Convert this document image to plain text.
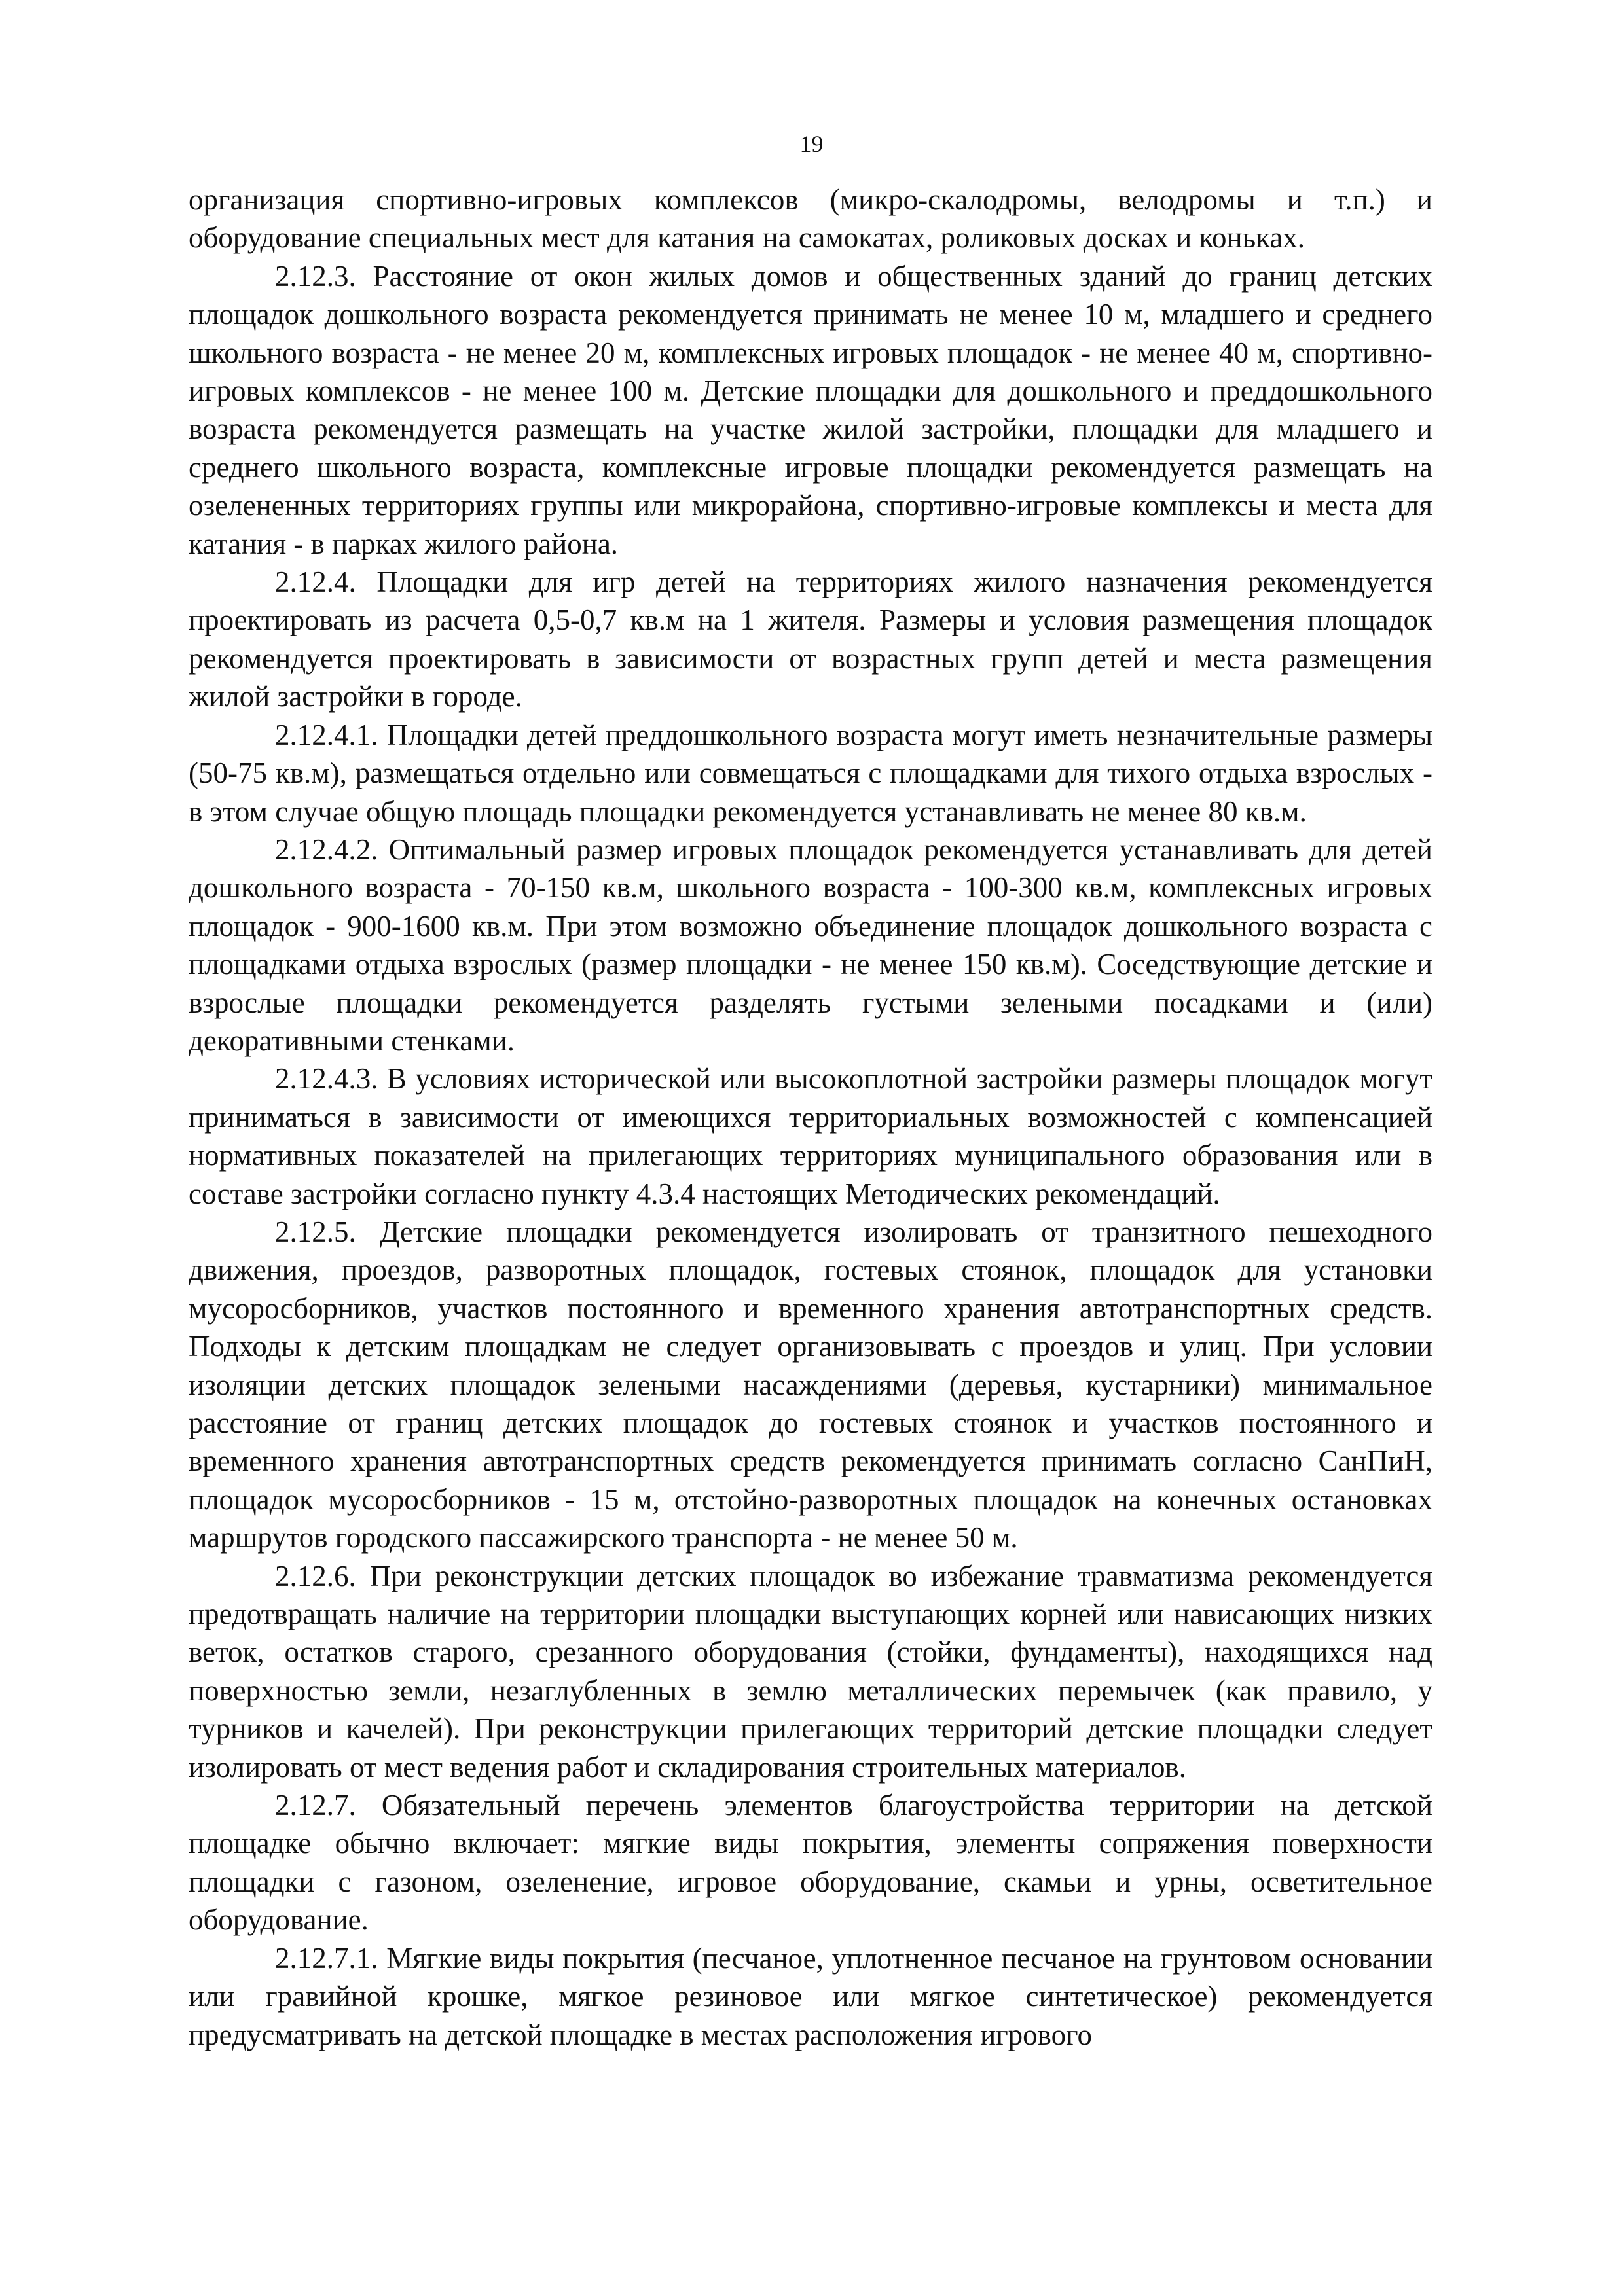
19

организация спортивно-игровых комплексов (микро-скалодромы, велодромы и т.п.) и оборудование специальных мест для катания на самокатах, роликовых досках и коньках.

2.12.3. Расстояние от окон жилых домов и общественных зданий до границ детских площадок дошкольного возраста рекомендуется принимать не менее 10 м, младшего и среднего школьного возраста - не менее 20 м, комплексных игровых площадок - не менее 40 м, спортивно-игровых комплексов - не менее 100 м. Детские площадки для дошкольного и преддошкольного возраста рекомендуется размещать на участке жилой застройки, площадки для младшего и среднего школьного возраста, комплексные игровые площадки рекомендуется размещать на озелененных территориях группы или микрорайона, спортивно-игровые комплексы и места для катания - в парках жилого района.

2.12.4. Площадки для игр детей на территориях жилого назначения рекомендуется проектировать из расчета 0,5-0,7 кв.м на 1 жителя. Размеры и условия размещения площадок рекомендуется проектировать в зависимости от возрастных групп детей и места размещения жилой застройки в городе.

2.12.4.1. Площадки детей преддошкольного возраста могут иметь незначительные размеры (50-75 кв.м), размещаться отдельно или совмещаться с площадками для тихого отдыха взрослых - в этом случае общую площадь площадки рекомендуется устанавливать не менее 80 кв.м.

2.12.4.2. Оптимальный размер игровых площадок рекомендуется устанавливать для детей дошкольного возраста - 70-150 кв.м, школьного возраста - 100-300 кв.м, комплексных игровых площадок - 900-1600 кв.м. При этом возможно объединение площадок дошкольного возраста с площадками отдыха взрослых (размер площадки - не менее 150 кв.м). Соседствующие детские и взрослые площадки рекомендуется разделять густыми зелеными посадками и (или) декоративными стенками.

2.12.4.3. В условиях исторической или высокоплотной застройки размеры площадок могут приниматься в зависимости от имеющихся территориальных возможностей с компенсацией нормативных показателей на прилегающих территориях муниципального образования или в составе застройки согласно пункту 4.3.4 настоящих Методических рекомендаций.

2.12.5. Детские площадки рекомендуется изолировать от транзитного пешеходного движения, проездов, разворотных площадок, гостевых стоянок, площадок для установки мусоросборников, участков постоянного и временного хранения автотранспортных средств. Подходы к детским площадкам не следует организовывать с проездов и улиц. При условии изоляции детских площадок зелеными насаждениями (деревья, кустарники) минимальное расстояние от границ детских площадок до гостевых стоянок и участков постоянного и временного хранения автотранспортных средств рекомендуется принимать согласно СанПиН, площадок мусоросборников - 15 м, отстойно-разворотных площадок на конечных остановках маршрутов городского пассажирского транспорта - не менее 50 м.

2.12.6. При реконструкции детских площадок во избежание травматизма рекомендуется предотвращать наличие на территории площадки выступающих корней или нависающих низких веток, остатков старого, срезанного оборудования (стойки, фундаменты), находящихся над поверхностью земли, незаглубленных в землю металлических перемычек (как правило, у турников и качелей). При реконструкции прилегающих территорий детские площадки следует изолировать от мест ведения работ и складирования строительных материалов.

2.12.7. Обязательный перечень элементов благоустройства территории на детской площадке обычно включает: мягкие виды покрытия, элементы сопряжения поверхности площадки с газоном, озеленение, игровое оборудование, скамьи и урны, осветительное оборудование.

2.12.7.1. Мягкие виды покрытия (песчаное, уплотненное песчаное на грунтовом основании или гравийной крошке, мягкое резиновое или мягкое синтетическое) рекомендуется предусматривать на детской площадке в местах расположения игрового
